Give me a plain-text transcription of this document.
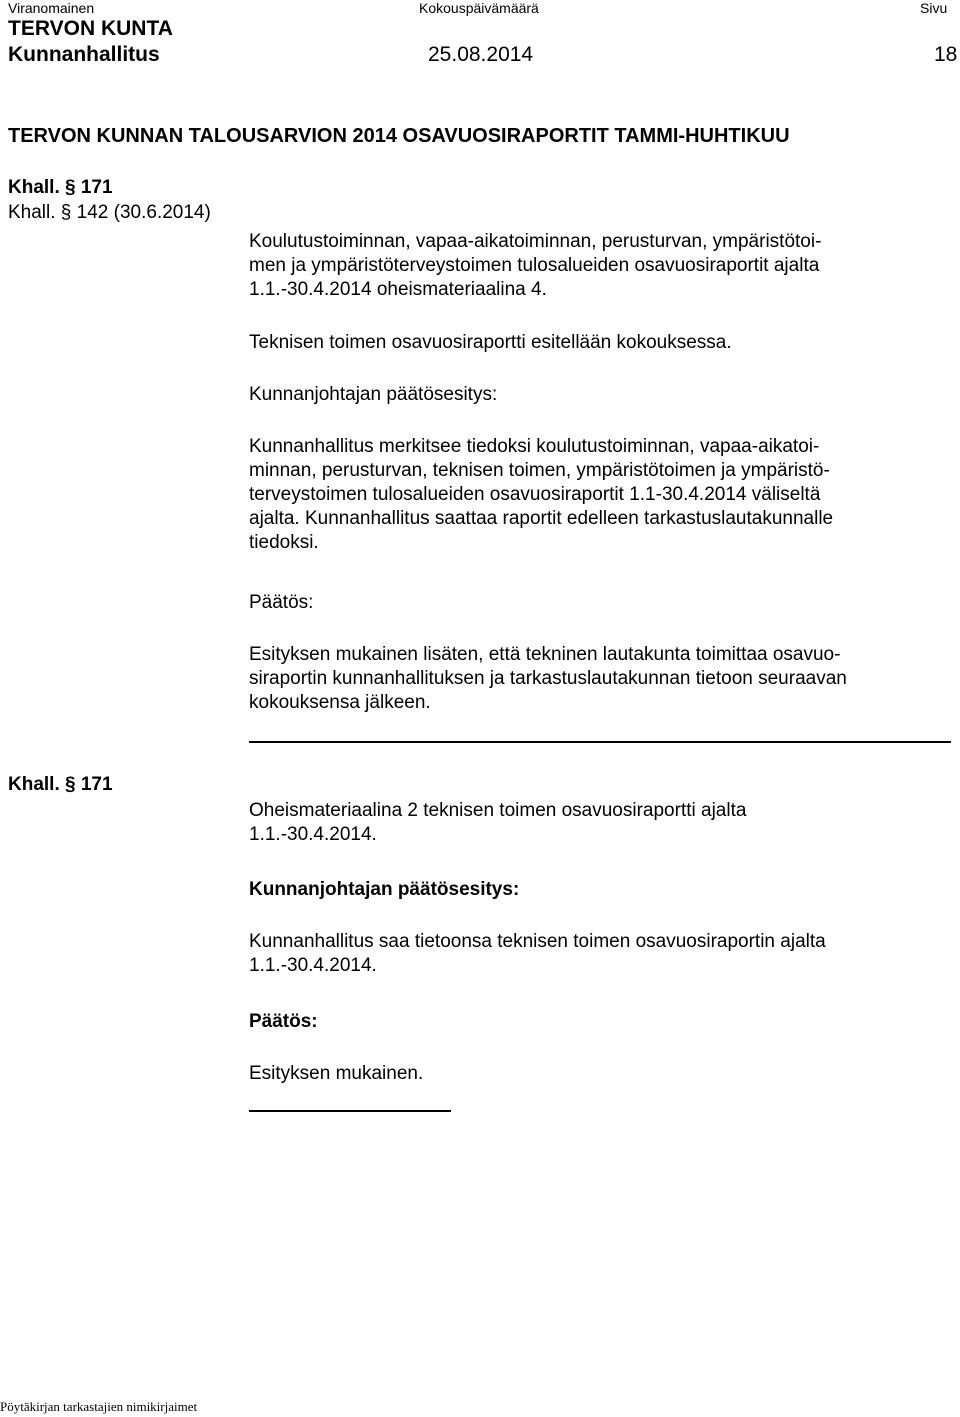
Viranomainen	Kokouspäivämäärä	Sivu
TERVON KUNTA
Kunnanhallitus	25.08.2014	18
TERVON KUNNAN TALOUSARVION 2014 OSAVUOSIRAPORTIT TAMMI-HUHTIKUU
Khall. § 171
Khall. § 142 (30.6.2014)
Koulutustoiminnan, vapaa-aikatoiminnan, perusturvan, ympäristötoi-
men ja ympäristöterveystoimen tulosalueiden osavuosiraportit ajalta
1.1.-30.4.2014 oheismateriaalina 4.
Teknisen toimen osavuosiraportti esitellään kokouksessa.
Kunnanjohtajan päätösesitys:
Kunnanhallitus merkitsee tiedoksi koulutustoiminnan, vapaa-aikatoi-
minnan, perusturvan, teknisen toimen, ympäristötoimen ja ympäristö-
terveystoimen tulosalueiden osavuosiraportit 1.1-30.4.2014 väliseltä
ajalta. Kunnanhallitus saattaa raportit edelleen tarkastuslautakunnalle
tiedoksi.
Päätös:
Esityksen mukainen lisäten, että tekninen lautakunta toimittaa osavuo-
siraportin kunnanhallituksen ja tarkastuslautakunnan tietoon seuraavan
kokouksensa jälkeen.
Khall. § 171
Oheismateriaalina 2 teknisen toimen osavuosiraportti ajalta
1.1.-30.4.2014.
Kunnanjohtajan päätösesitys:
Kunnanhallitus saa tietoonsa teknisen toimen osavuosiraportin ajalta
1.1.-30.4.2014.
Päätös:
Esityksen mukainen.
Pöytäkirjan tarkastajien nimikirjaimet
